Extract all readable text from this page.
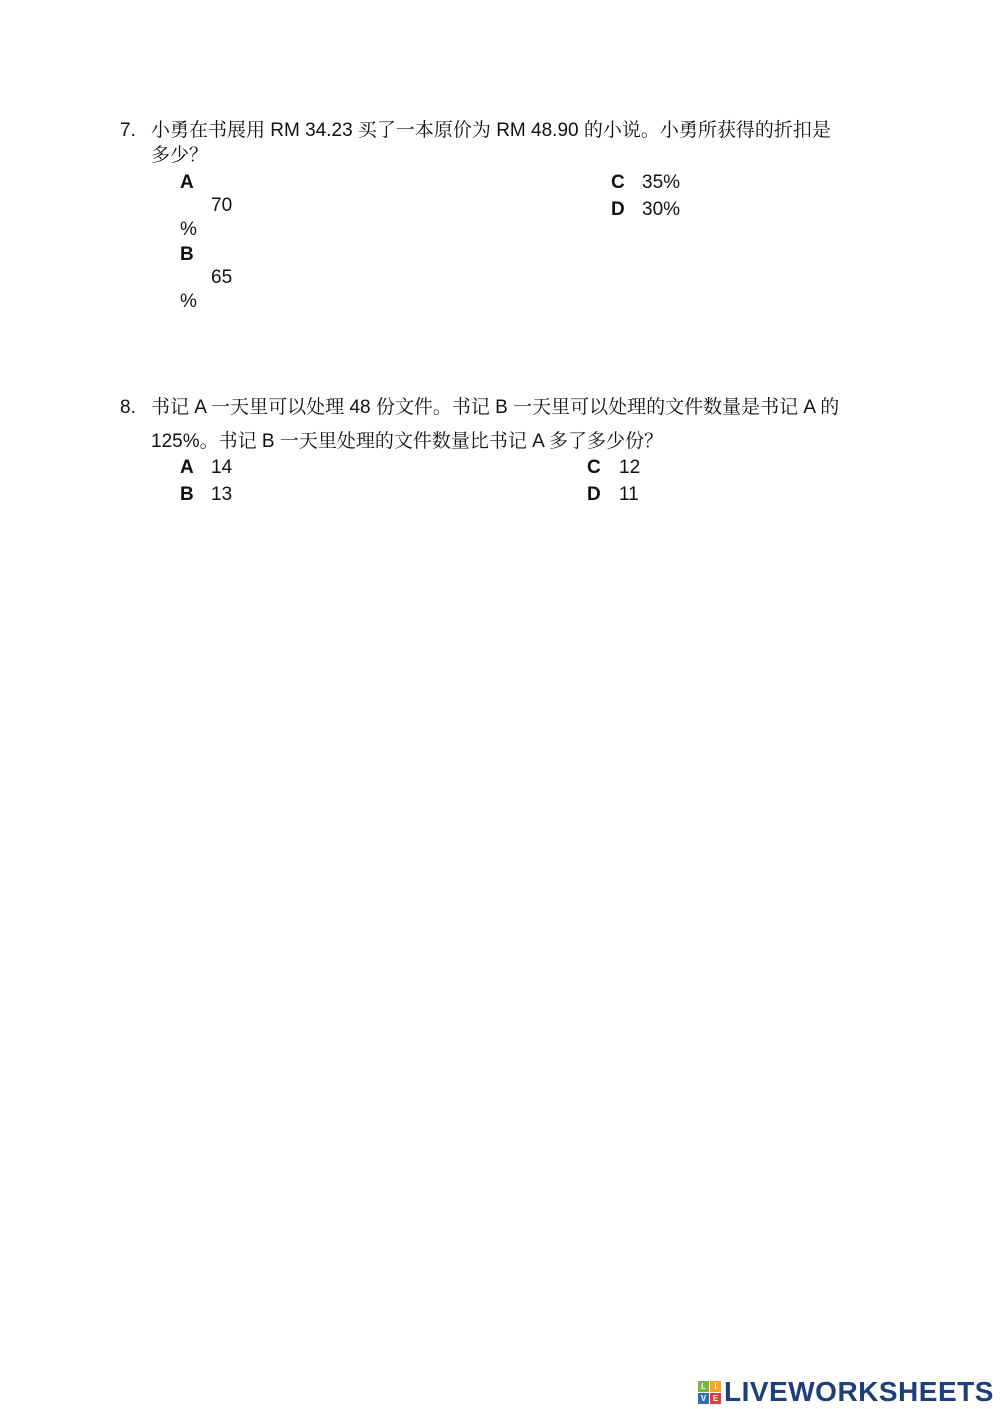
7. 小勇在书展用 RM 34.23 买了一本原价为 RM 48.90 的小说。小勇所获得的折扣是
多少？
A
70
%
B
65
%
C 35%
D 30%
8. 书记 A 一天里可以处理 48 份文件。书记 B 一天里可以处理的文件数量是书记 A 的
125%。书记 B 一天里处理的文件数量比书记 A 多了多少份？
A 14
B 13
C 12
D 11
L	I
V E LIVEWORKSHEETS
